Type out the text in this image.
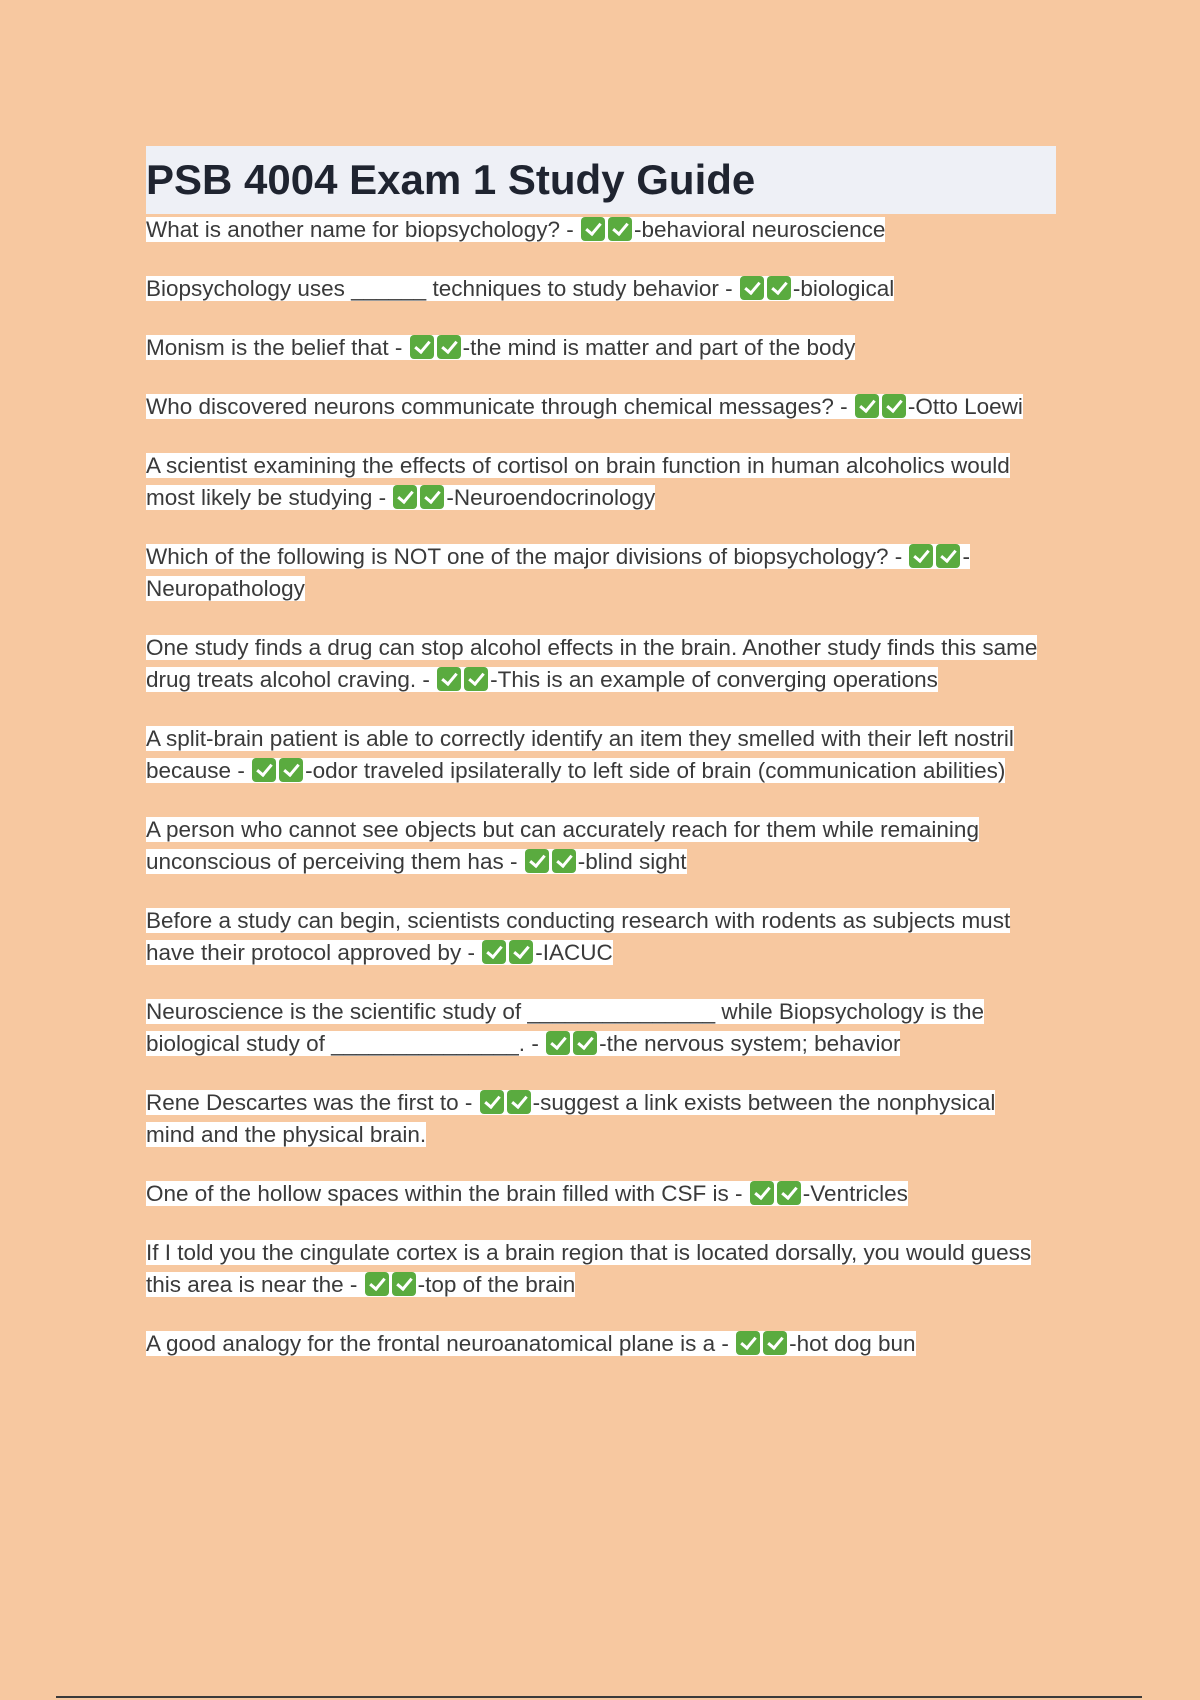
PSB 4004 Exam 1 Study Guide

What is another name for biopsychology? -	-behavioral neuroscience

Biopsychology uses ______ techniques to study behavior -	-biological

Monism is the belief that -	-the mind is matter and part of the body

Who discovered neurons communicate through chemical messages? -	-Otto Loewi

A scientist examining the effects of cortisol on brain function in human alcoholics would most likely be studying -	-Neuroendocrinology

Which of the following is NOT one of the major divisions of biopsychology? -	-Neuropathology

One study finds a drug can stop alcohol effects in the brain. Another study finds this same drug treats alcohol craving. -	-This is an example of converging operations

A split-brain patient is able to correctly identify an item they smelled with their left nostril because -	-odor traveled ipsilaterally to left side of brain (communication abilities)

A person who cannot see objects but can accurately reach for them while remaining unconscious of perceiving them has -	-blind sight

Before a study can begin, scientists conducting research with rodents as subjects must have their protocol approved by -	-IACUC

Neuroscience is the scientific study of _______________ while Biopsychology is the biological study of _______________. -	-the nervous system; behavior

Rene Descartes was the first to -	-suggest a link exists between the nonphysical mind and the physical brain.

One of the hollow spaces within the brain filled with CSF is -	-Ventricles

If I told you the cingulate cortex is a brain region that is located dorsally, you would guess this area is near the -	-top of the brain

A good analogy for the frontal neuroanatomical plane is a -	-hot dog bun
